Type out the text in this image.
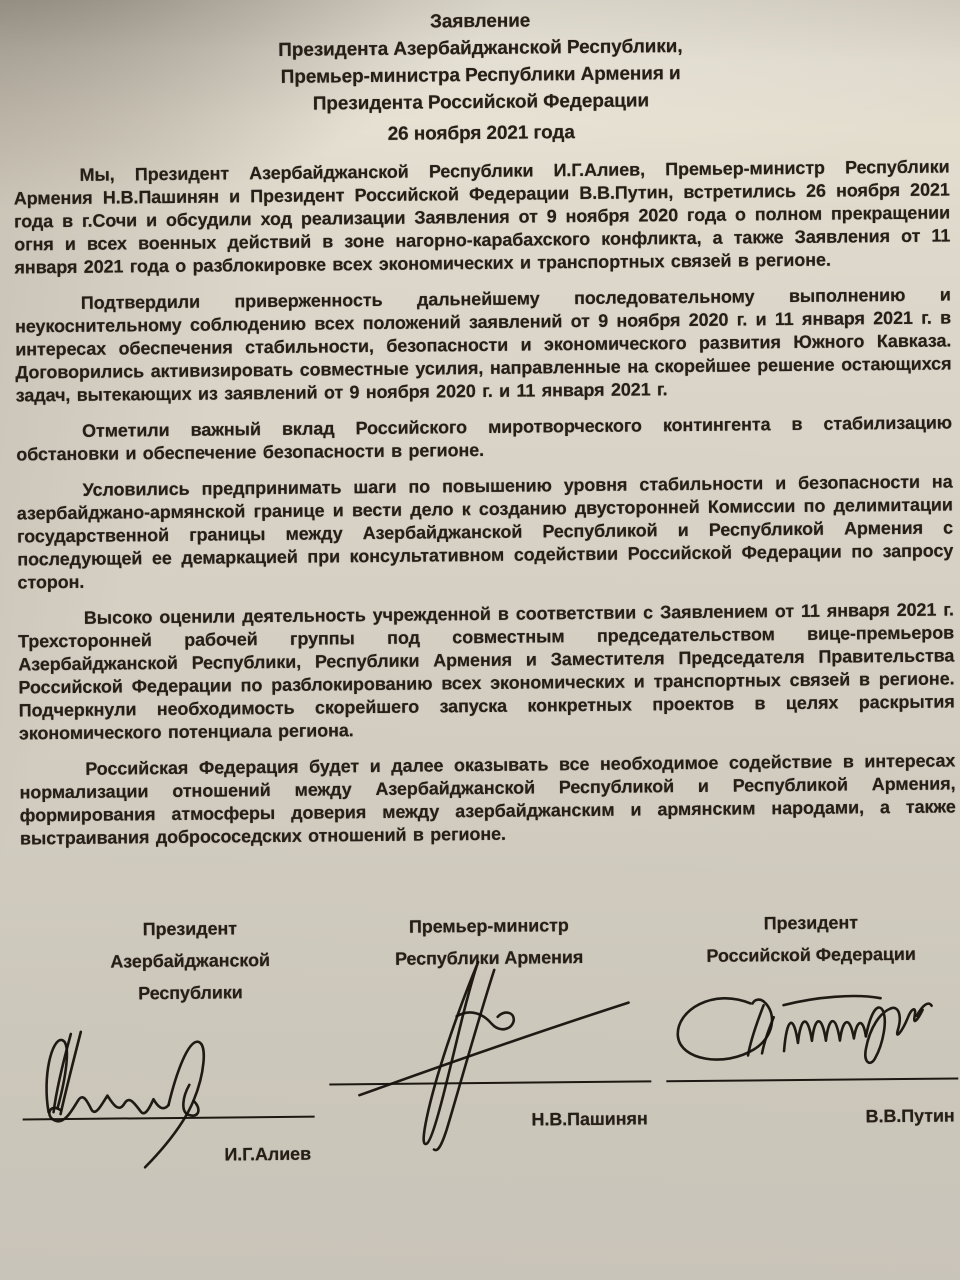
Заявление
Президента Азербайджанской Республики,
Премьер-министра Республики Армения и
Президента Российской Федерации
26 ноября 2021 года

Мы, Президент Азербайджанской Республики И.Г.Алиев, Премьер-министр Республики Армения Н.В.Пашинян и Президент Российской Федерации В.В.Путин, встретились 26 ноября 2021 года в г.Сочи и обсудили ход реализации Заявления от 9 ноября 2020 года о полном прекращении огня и всех военных действий в зоне нагорно-карабахского конфликта, а также Заявления от 11 января 2021 года о разблокировке всех экономических и транспортных связей в регионе.

Подтвердили приверженность дальнейшему последовательному выполнению и неукоснительному соблюдению всех положений заявлений от 9 ноября 2020 г. и 11 января 2021 г. в интересах обеспечения стабильности, безопасности и экономического развития Южного Кавказа. Договорились активизировать совместные усилия, направленные на скорейшее решение остающихся задач, вытекающих из заявлений от 9 ноября 2020 г. и 11 января 2021 г.

Отметили важный вклад Российского миротворческого контингента в стабилизацию обстановки и обеспечение безопасности в регионе.

Условились предпринимать шаги по повышению уровня стабильности и безопасности на азербайджано-армянской границе и вести дело к созданию двусторонней Комиссии по делимитации государственной границы между Азербайджанской Республикой и Республикой Армения с последующей ее демаркацией при консультативном содействии Российской Федерации по запросу сторон.

Высоко оценили деятельность учрежденной в соответствии с Заявлением от 11 января 2021 г. Трехсторонней рабочей группы под совместным председательством вице-премьеров Азербайджанской Республики, Республики Армения и Заместителя Председателя Правительства Российской Федерации по разблокированию всех экономических и транспортных связей в регионе. Подчеркнули необходимость скорейшего запуска конкретных проектов в целях раскрытия экономического потенциала региона.

Российская Федерация будет и далее оказывать все необходимое содействие в интересах нормализации отношений между Азербайджанской Республикой и Республикой Армения, формирования атмосферы доверия между азербайджанским и армянским народами, а также выстраивания добрососедских отношений в регионе.

Президент
Азербайджанской Республики
И.Г.Алиев
Премьер-министр
Республики Армения
Н.В.Пашинян
Президент
Российской Федерации
В.В.Путин
